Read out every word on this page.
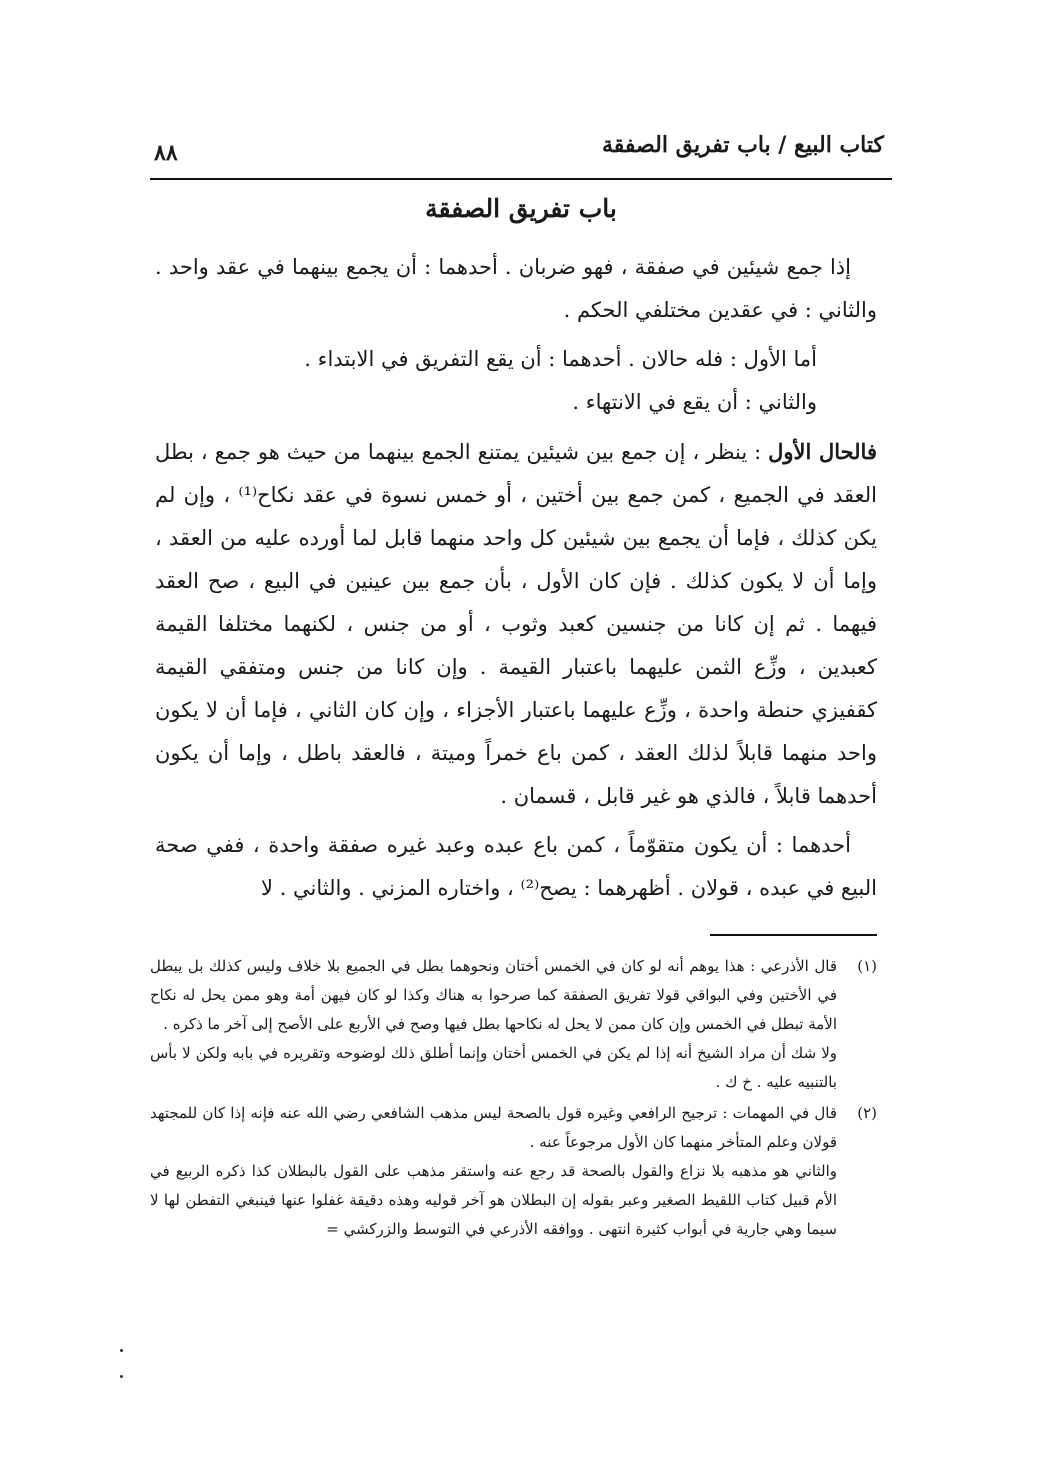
كتاب البيع / باب تفريق الصفقة
٨٨
باب تفريق الصفقة

إذا جمع شيئين في صفقة ، فهو ضربان . أحدهما : أن يجمع بينهما في عقد واحد . والثاني : في عقدين مختلفي الحكم .

أما الأول : فله حالان . أحدهما : أن يقع التفريق في الابتداء .

والثاني : أن يقع في الانتهاء .

فالحال الأول : ينظر ، إن جمع بين شيئين يمتنع الجمع بينهما من حيث هو جمع ، بطل العقد في الجميع ، كمن جمع بين أختين ، أو خمس نسوة في عقد نكاح⁽¹⁾ ، وإن لم يكن كذلك ، فإما أن يجمع بين شيئين كل واحد منهما قابل لما أورده عليه من العقد ، وإما أن لا يكون كذلك . فإن كان الأول ، بأن جمع بين عينين في البيع ، صح العقد فيهما . ثم إن كانا من جنسين كعبد وثوب ، أو من جنس ، لكنهما مختلفا القيمة كعبدين ، وزِّع الثمن عليهما باعتبار القيمة . وإن كانا من جنس ومتفقي القيمة كقفيزي حنطة واحدة ، وزِّع عليهما باعتبار الأجزاء ، وإن كان الثاني ، فإما أن لا يكون واحد منهما قابلاً لذلك العقد ، كمن باع خمراً وميتة ، فالعقد باطل ، وإما أن يكون أحدهما قابلاً ، فالذي هو غير قابل ، قسمان .

أحدهما : أن يكون متقوّماً ، كمن باع عبده وعبد غيره صفقة واحدة ، ففي صحة البيع في عبده ، قولان . أظهرهما : يصح⁽²⁾ ، واختاره المزني . والثاني . لا

(١)

قال الأذرعي : هذا يوهم أنه لو كان في الخمس أختان ونحوهما بطل في الجميع بلا خلاف وليس كذلك بل يبطل في الأختين وفي البواقي قولا تفريق الصفقة كما صرحوا به هناك وكذا لو كان فيهن أمة وهو ممن يحل له نكاح الأمة تبطل في الخمس وإن كان ممن لا يحل له نكاحها بطل فيها وصح في الأربع على الأصح إلى آخر ما ذكره .

ولا شك أن مراد الشيخ أنه إذا لم يكن في الخمس أختان وإنما أطلق ذلك لوضوحه وتقريره في بابه ولكن لا بأس بالتنبيه عليه . خ ك .

(٢)

قال في المهمات : ترجيح الرافعي وغيره قول بالصحة ليس مذهب الشافعي رضي الله عنه فإنه إذا كان للمجتهد قولان وعلم المتأخر منهما كان الأول مرجوعاً عنه .

والثاني هو مذهبه بلا نزاع والقول بالصحة قد رجع عنه واستقر مذهب على القول بالبطلان كذا ذكره الربيع في الأم قبيل كتاب اللقيط الصغير وعبر بقوله إن البطلان هو آخر قوليه وهذه دقيقة غفلوا عنها فينبغي التفطن لها لا سيما وهي جارية في أبواب كثيرة انتهى . ووافقه الأذرعي في التوسط والزركشي =
